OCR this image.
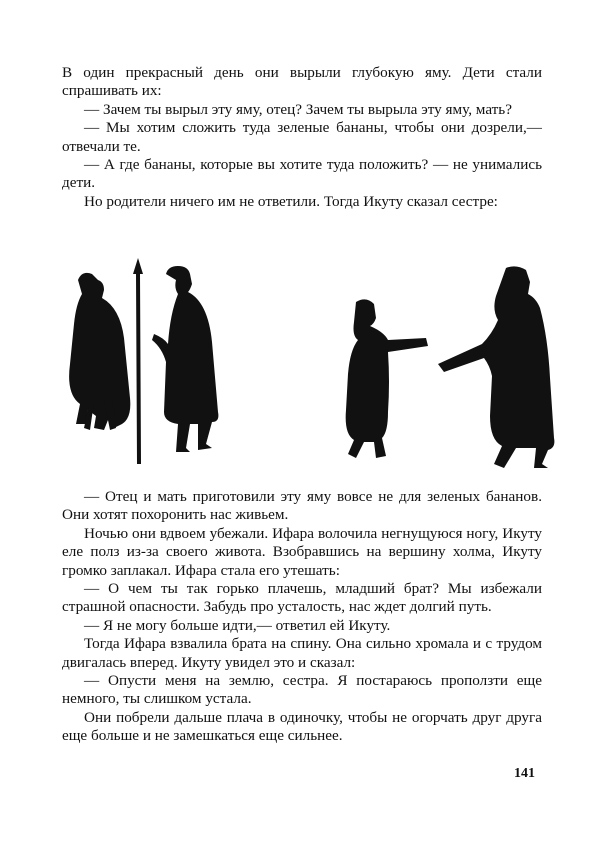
В один прекрасный день они вырыли глубокую яму. Дети стали спрашивать их:

— Зачем ты вырыл эту яму, отец? Зачем ты вырыла эту яму, мать?

— Мы хотим сложить туда зеленые бананы, чтобы они дозрели,— отвечали те.

— А где бананы, которые вы хотите туда положить? — не унимались дети.

Но родители ничего им не ответили. Тогда Икуту сказал сестре:

— Отец и мать приготовили эту яму вовсе не для зеленых бананов. Они хотят похоронить нас живьем.

Ночью они вдвоем убежали. Ифара волочила негнущуюся ногу, Икуту еле полз из-за своего живота. Взобравшись на вершину холма, Икуту громко заплакал. Ифара стала его утешать:

— О чем ты так горько плачешь, младший брат? Мы избежали страшной опасности. Забудь про усталость, нас ждет долгий путь.

— Я не могу больше идти,— ответил ей Икуту.

Тогда Ифара взвалила брата на спину. Она сильно хромала и с трудом двигалась вперед. Икуту увидел это и сказал:

— Опусти меня на землю, сестра. Я постараюсь проползти еще немного, ты слишком устала.

Они побрели дальше плача в одиночку, чтобы не огорчать друг друга еще больше и не замешкаться еще сильнее.

141
